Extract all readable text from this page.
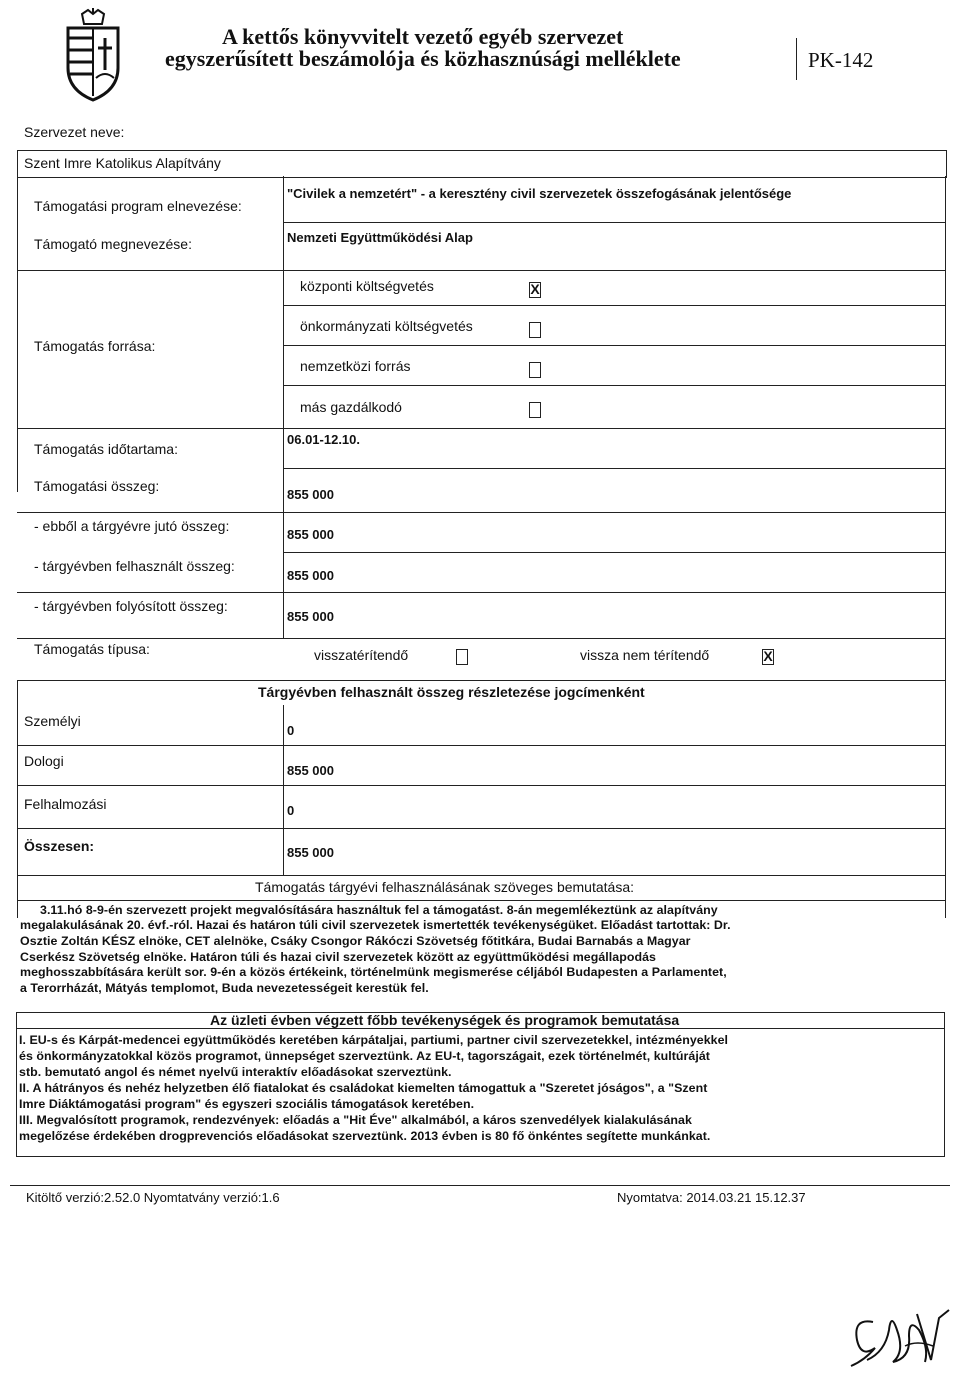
A kettős könyvvitelt vezető egyéb szervezet
egyszerűsített beszámolója és közhasznúsági melléklete	PK-142
Szervezet neve:
Szent Imre Katolikus Alapítvány
Támogatási program elnevezése:
"Civilek a nemzetért" - a keresztény civil szervezetek összefogásának jelentősége
Támogató megnevezése:	Nemzeti Együttműködési Alap
Támogatás forrása:
központi költségvetés	X
önkormányzati költségvetés
nemzetközi forrás
más gazdálkodó
Támogatás időtartama:
06.01-12.10.
Támogatási összeg:
855 000
- ebből a tárgyévre jutó összeg:
855 000
- tárgyévben felhasznált összeg:
855 000
- tárgyévben folyósított összeg:
855 000
Támogatás típusa:	visszatérítendő	vissza nem térítendő	X
Tárgyévben felhasznált összeg részletezése jogcímenként
Személyi
0
Dologi
855 000
Felhalmozási	0
Összesen:	855 000
Támogatás tárgyévi felhasználásának szöveges bemutatása:
3.11.hó 8-9-én szervezett projekt megvalósítására használtuk fel a támogatást. 8-án megemlékeztünk az alapítvány
megalakulásának 20. évf.-ról. Hazai és határon túli civil szervezetek ismertették tevékenységüket. Előadást tartottak: Dr.
Osztie Zoltán KÉSZ elnöke, CET alelnöke, Csáky Csongor Rákóczi Szövetség főtitkára, Budai Barnabás a Magyar
Cserkész Szövetség elnöke. Határon túli és hazai civil szervezetek között az együttműködési megállapodás
meghosszabbítására került sor. 9-én a közös értékeink, történelmünk megismerése céljából Budapesten a Parlamentet,
a Terorrházát, Mátyás templomot, Buda nevezetességeit kerestük fel.
Az üzleti évben végzett főbb tevékenységek és programok bemutatása
I. EU-s és Kárpát-medencei együttműködés keretében kárpátaljai, partiumi, partner civil szervezetekkel, intézményekkel
és önkormányzatokkal közös programot, ünnepséget szerveztünk. Az EU-t, tagországait, ezek történelmét, kultúráját
stb. bemutató angol és német nyelvű interaktív előadásokat szerveztünk.
II. A hátrányos és nehéz helyzetben élő fiatalokat és családokat kiemelten támogattuk a "Szeretet jóságos", a "Szent
Imre Diáktámogatási program" és egyszeri szociális támogatások keretében.
III. Megvalósított programok, rendezvények: előadás a "Hit Éve" alkalmából, a káros szenvedélyek kialakulásának
megelőzése érdekében drogprevenciós előadásokat szerveztünk. 2013 évben is 80 fő önkéntes segítette munkánkat.
Kitöltő verzió:2.52.0 Nyomtatvány verzió:1.6	Nyomtatva: 2014.03.21 15.12.37
